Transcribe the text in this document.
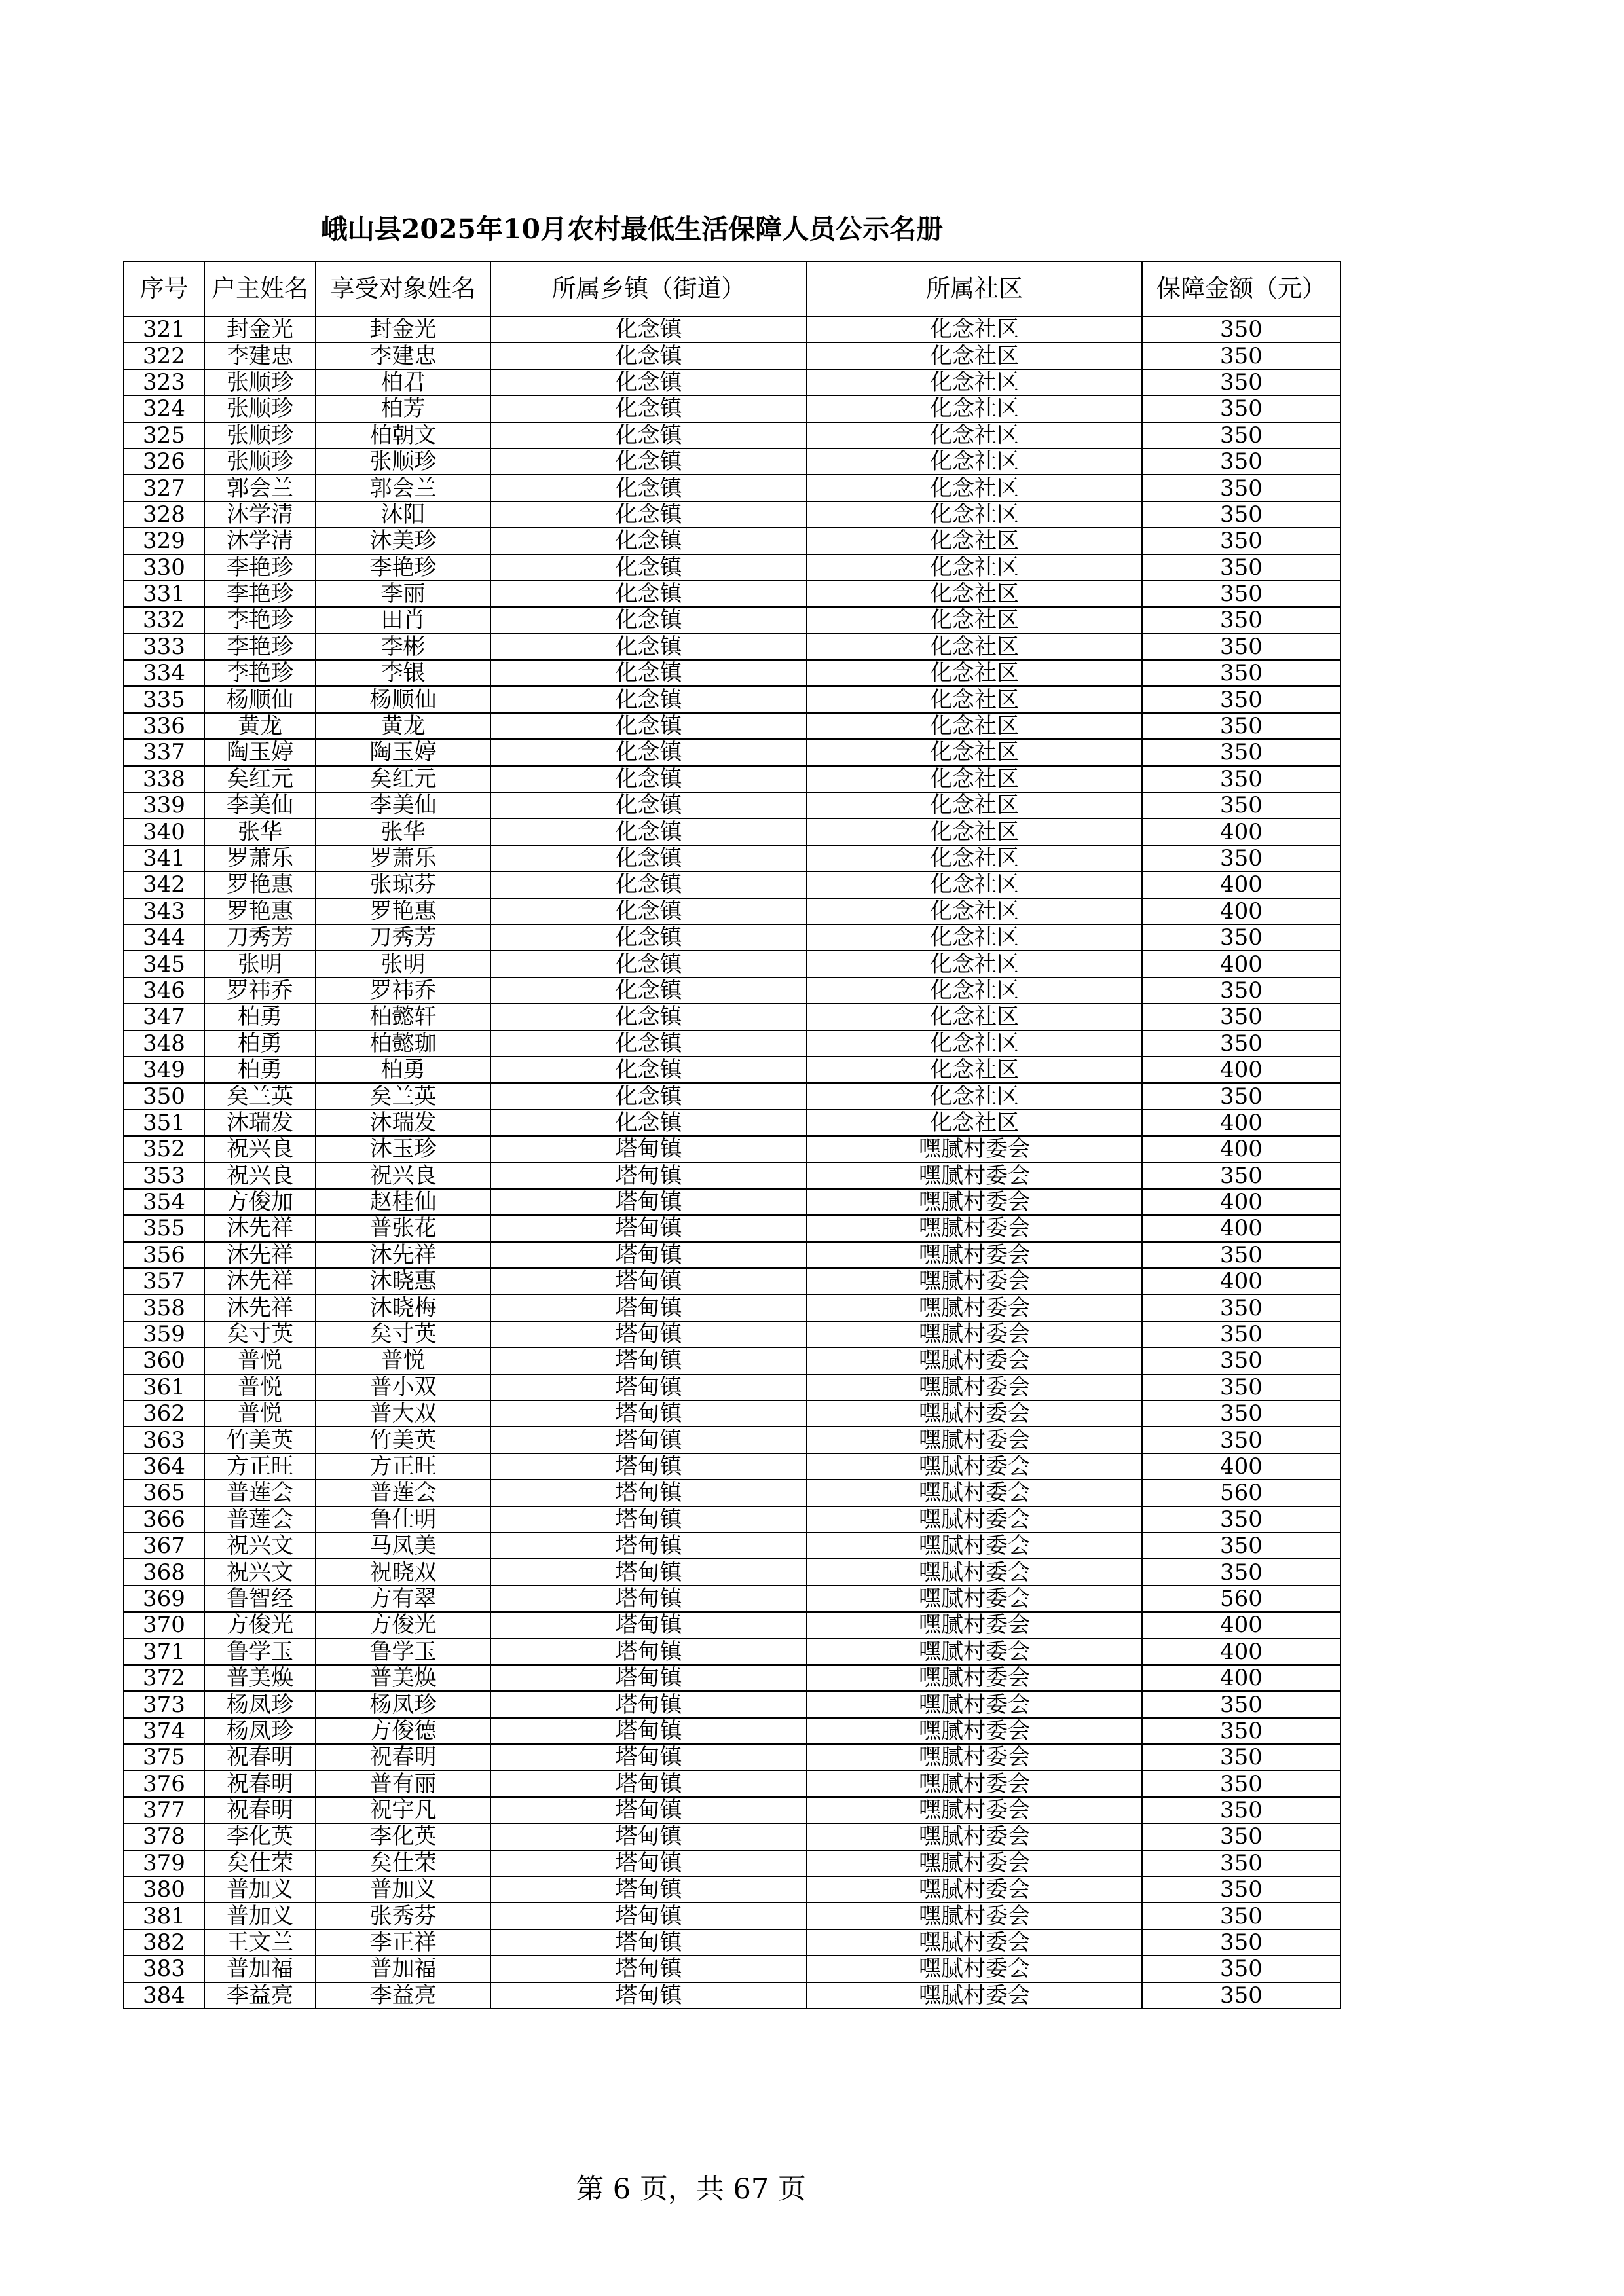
峨山县2025年10月农村最低生活保障人员公示名册
序号	户主姓名	享受对象姓名	所属乡镇（街道）	所属社区	保障金额（元）
321	封金光	封金光	化念镇	化念社区	350
322	李建忠	李建忠	化念镇	化念社区	350
323	张顺珍	柏君	化念镇	化念社区	350
324	张顺珍	柏芳	化念镇	化念社区	350
325	张顺珍	柏朝文	化念镇	化念社区	350
326	张顺珍	张顺珍	化念镇	化念社区	350
327	郭会兰	郭会兰	化念镇	化念社区	350
328	沐学清	沐阳	化念镇	化念社区	350
329	沐学清	沐美珍	化念镇	化念社区	350
330	李艳珍	李艳珍	化念镇	化念社区	350
331	李艳珍	李丽	化念镇	化念社区	350
332	李艳珍	田肖	化念镇	化念社区	350
333	李艳珍	李彬	化念镇	化念社区	350
334	李艳珍	李银	化念镇	化念社区	350
335	杨顺仙	杨顺仙	化念镇	化念社区	350
336	黄龙	黄龙	化念镇	化念社区	350
337	陶玉婷	陶玉婷	化念镇	化念社区	350
338	矣红元	矣红元	化念镇	化念社区	350
339	李美仙	李美仙	化念镇	化念社区	350
340	张华	张华	化念镇	化念社区	400
341	罗萧乐	罗萧乐	化念镇	化念社区	350
342	罗艳惠	张琼芬	化念镇	化念社区	400
343	罗艳惠	罗艳惠	化念镇	化念社区	400
344	刀秀芳	刀秀芳	化念镇	化念社区	350
345	张明	张明	化念镇	化念社区	400
346	罗祎乔	罗祎乔	化念镇	化念社区	350
347	柏勇	柏懿轩	化念镇	化念社区	350
348	柏勇	柏懿珈	化念镇	化念社区	350
349	柏勇	柏勇	化念镇	化念社区	400
350	矣兰英	矣兰英	化念镇	化念社区	350
351	沐瑞发	沐瑞发	化念镇	化念社区	400
352	祝兴良	沐玉珍	塔甸镇	嘿腻村委会	400
353	祝兴良	祝兴良	塔甸镇	嘿腻村委会	350
354	方俊加	赵桂仙	塔甸镇	嘿腻村委会	400
355	沐先祥	普张花	塔甸镇	嘿腻村委会	400
356	沐先祥	沐先祥	塔甸镇	嘿腻村委会	350
357	沐先祥	沐晓惠	塔甸镇	嘿腻村委会	400
358	沐先祥	沐晓梅	塔甸镇	嘿腻村委会	350
359	矣寸英	矣寸英	塔甸镇	嘿腻村委会	350
360	普悦	普悦	塔甸镇	嘿腻村委会	350
361	普悦	普小双	塔甸镇	嘿腻村委会	350
362	普悦	普大双	塔甸镇	嘿腻村委会	350
363	竹美英	竹美英	塔甸镇	嘿腻村委会	350
364	方正旺	方正旺	塔甸镇	嘿腻村委会	400
365	普莲会	普莲会	塔甸镇	嘿腻村委会	560
366	普莲会	鲁仕明	塔甸镇	嘿腻村委会	350
367	祝兴文	马凤美	塔甸镇	嘿腻村委会	350
368	祝兴文	祝晓双	塔甸镇	嘿腻村委会	350
369	鲁智经	方有翠	塔甸镇	嘿腻村委会	560
370	方俊光	方俊光	塔甸镇	嘿腻村委会	400
371	鲁学玉	鲁学玉	塔甸镇	嘿腻村委会	400
372	普美焕	普美焕	塔甸镇	嘿腻村委会	400
373	杨凤珍	杨凤珍	塔甸镇	嘿腻村委会	350
374	杨凤珍	方俊德	塔甸镇	嘿腻村委会	350
375	祝春明	祝春明	塔甸镇	嘿腻村委会	350
376	祝春明	普有丽	塔甸镇	嘿腻村委会	350
377	祝春明	祝宇凡	塔甸镇	嘿腻村委会	350
378	李化英	李化英	塔甸镇	嘿腻村委会	350
379	矣仕荣	矣仕荣	塔甸镇	嘿腻村委会	350
380	普加义	普加义	塔甸镇	嘿腻村委会	350
381	普加义	张秀芬	塔甸镇	嘿腻村委会	350
382	王文兰	李正祥	塔甸镇	嘿腻村委会	350
383	普加福	普加福	塔甸镇	嘿腻村委会	350
384	李益亮	李益亮	塔甸镇	嘿腻村委会	350
第 6 页，共 67 页
